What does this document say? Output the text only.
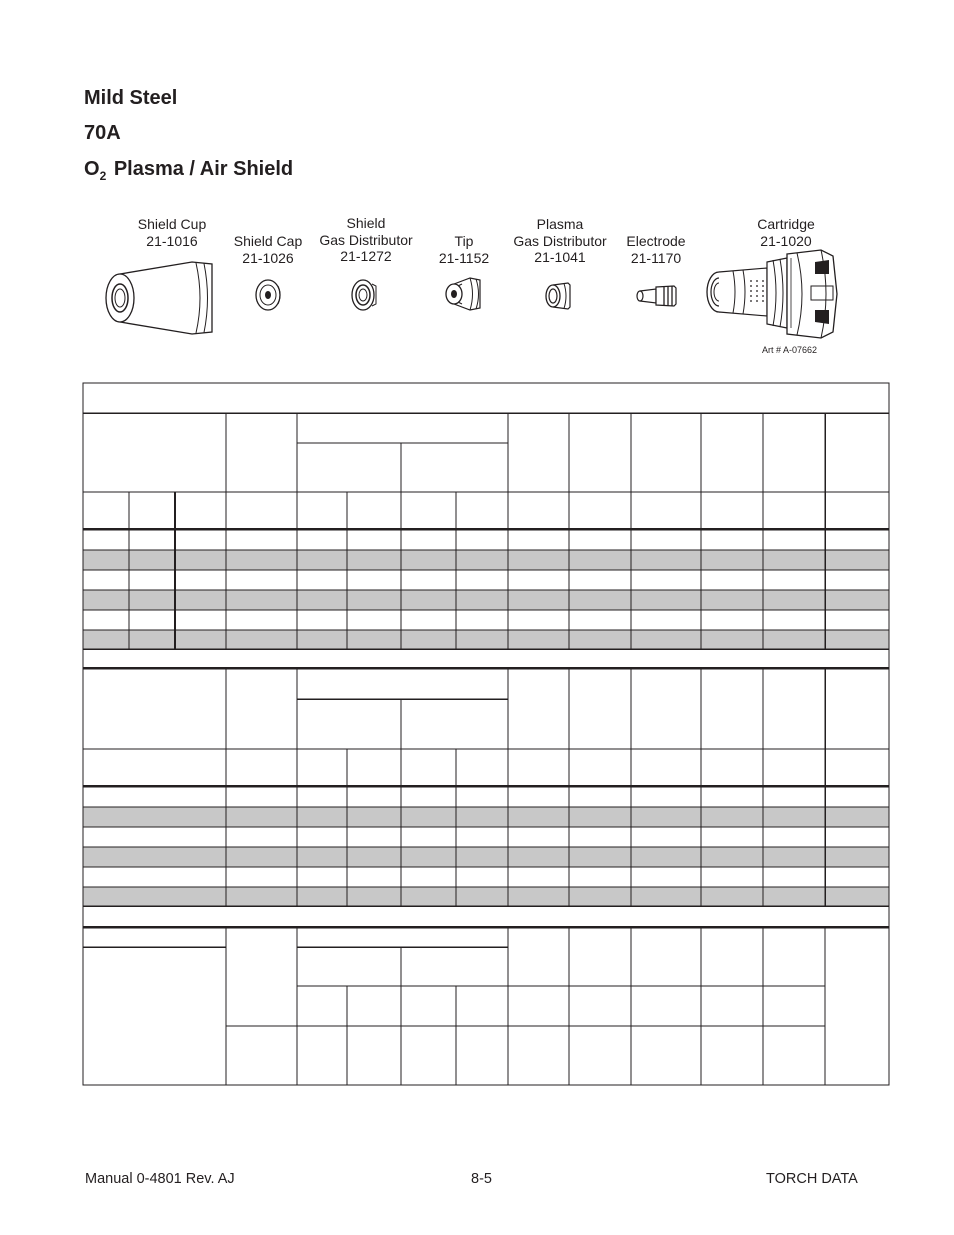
Mild Steel
70A
$O_2$ Plasma / Air Shield
Shield Cup
21-1016	Shield Cap
21-1026
Shield
Gas Distributor
21-1272
Tip
21-1152
Plasma
Gas Distributor
21-1041
Electrode
21-1170
Cartridge
21-1020
Art # A-07662
Manual 0-4801 Rev. AJ	8-5	TORCH DATA
